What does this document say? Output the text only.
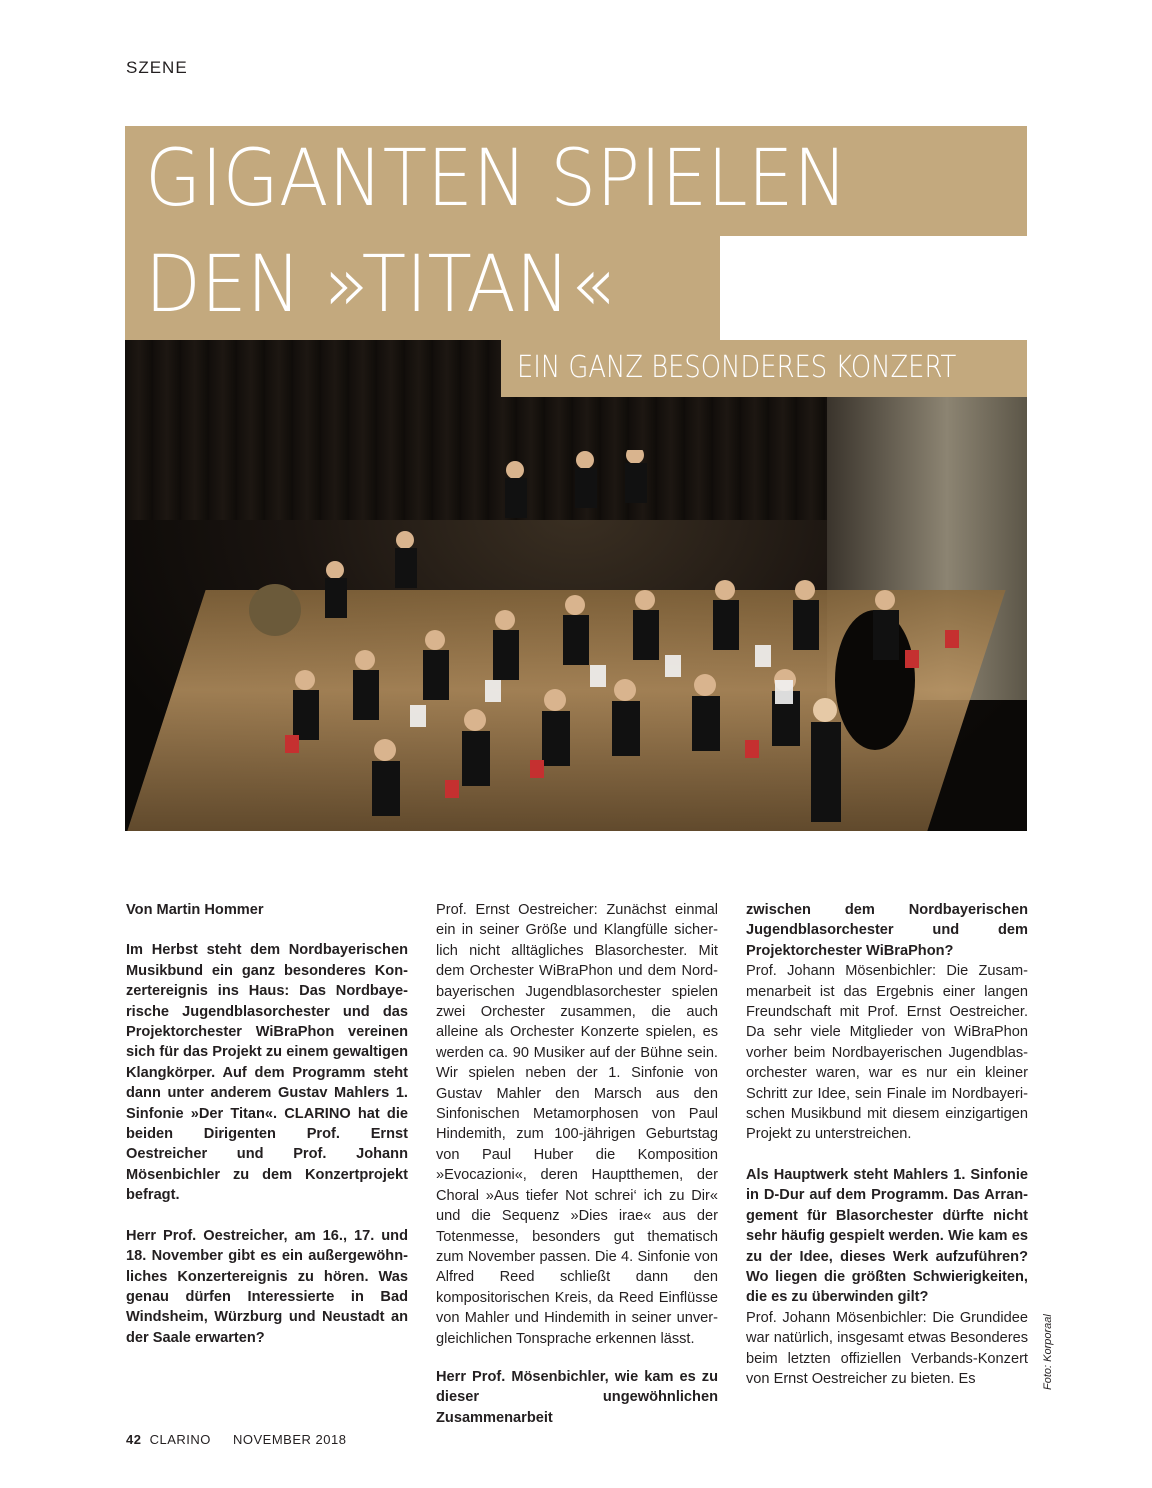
SZENE
GIGANTEN SPIELEN
DEN »TITAN«
EIN GANZ BESONDERES KONZERT

Von Martin Hommer

Im Herbst steht dem Nordbayerischen Musikbund ein ganz besonderes Konzertereignis ins Haus: Das Nordbayerische Jugendblasorchester und das Projektorchester WiBraPhon vereinen sich für das Projekt zu einem gewaltigen Klangkörper. Auf dem Programm steht dann unter anderem Gustav Mahlers 1. Sinfonie »Der Titan«. CLARINO hat die beiden Dirigenten Prof. Ernst Oestreicher und Prof. Johann Mösenbichler zu dem Konzertprojekt befragt.

Herr Prof. Oestreicher, am 16., 17. und 18. November gibt es ein außergewöhnliches Konzertereignis zu hören. Was genau dürfen Interessierte in Bad Windsheim, Würzburg und Neustadt an der Saale erwarten?

Prof. Ernst Oestreicher: Zunächst einmal ein in seiner Größe und Klangfülle sicherlich nicht alltägliches Blasorchester. Mit dem Orchester WiBraPhon und dem Nordbayerischen Jugendblasorchester spielen zwei Orchester zusammen, die auch alleine als Orchester Konzerte spielen, es werden ca. 90 Musiker auf der Bühne sein. Wir spielen neben der 1. Sinfonie von Gustav Mahler den Marsch aus den Sinfonischen Metamorphosen von Paul Hindemith, zum 100-jährigen Geburtstag von Paul Huber die Komposition »Evocazioni«, deren Hauptthemen, der Choral »Aus tiefer Not schrei‘ ich zu Dir« und die Sequenz »Dies irae« aus der Totenmesse, besonders gut thematisch zum November passen. Die 4. Sinfonie von Alfred Reed schließt dann den kompositorischen Kreis, da Reed Einflüsse von Mahler und Hindemith in seiner unvergleichlichen Tonsprache erkennen lässt.

Herr Prof. Mösenbichler, wie kam es zu dieser ungewöhnlichen Zusammenarbeit

zwischen dem Nordbayerischen Jugendblasorchester und dem Projektorchester WiBraPhon?

Prof. Johann Mösenbichler: Die Zusammenarbeit ist das Ergebnis einer langen Freundschaft mit Prof. Ernst Oestreicher. Da sehr viele Mitglieder von WiBraPhon vorher beim Nordbayerischen Jugendblasorchester waren, war es nur ein kleiner Schritt zur Idee, sein Finale im Nordbayerischen Musikbund mit diesem einzigartigen Projekt zu unterstreichen.

Als Hauptwerk steht Mahlers 1. Sinfonie in D-Dur auf dem Programm. Das Arrangement für Blasorchester dürfte nicht sehr häufig gespielt werden. Wie kam es zu der Idee, dieses Werk aufzuführen? Wo liegen die größten Schwierigkeiten, die es zu überwinden gilt?

Prof. Johann Mösenbichler: Die Grundidee war natürlich, insgesamt etwas Besonderes beim letzten offiziellen Verbands-Konzert von Ernst Oestreicher zu bieten. Es	Foto: Korporaal
42 CLARINO NOVEMBER 2018
